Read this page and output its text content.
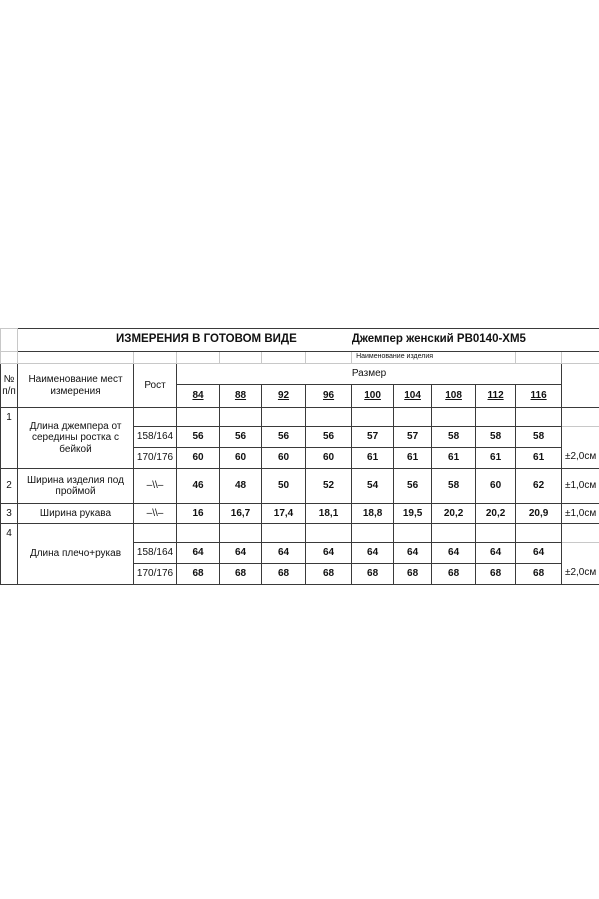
	ИЗМЕРЕНИЯ В ГОТОВОМ ВИДЕ						Джемпер женский РВ0140-ХМ5					
							Наименование изделия					
№ п/п	Наименование мест измерения	Рост	Размер									
			84	88	92	96	100	104	108	112	116	
1	Длина джемпера от середины ростка с бейкой											
		158/164	56	56	56	56	57	57	58	58	58	±2,0см
		170/176	60	60	60	60	61	61	61	61	61	
2	Ширина изделия под проймой	–\\–	46	48	50	52	54	56	58	60	62	±1,0см
3	Ширина рукава	–\\–	16	16,7	17,4	18,1	18,8	19,5	20,2	20,2	20,9	±1,0см
4	Длина плечо+рукав											
		158/164	64	64	64	64	64	64	64	64	64	±2,0см
		170/176	68	68	68	68	68	68	68	68	68	
